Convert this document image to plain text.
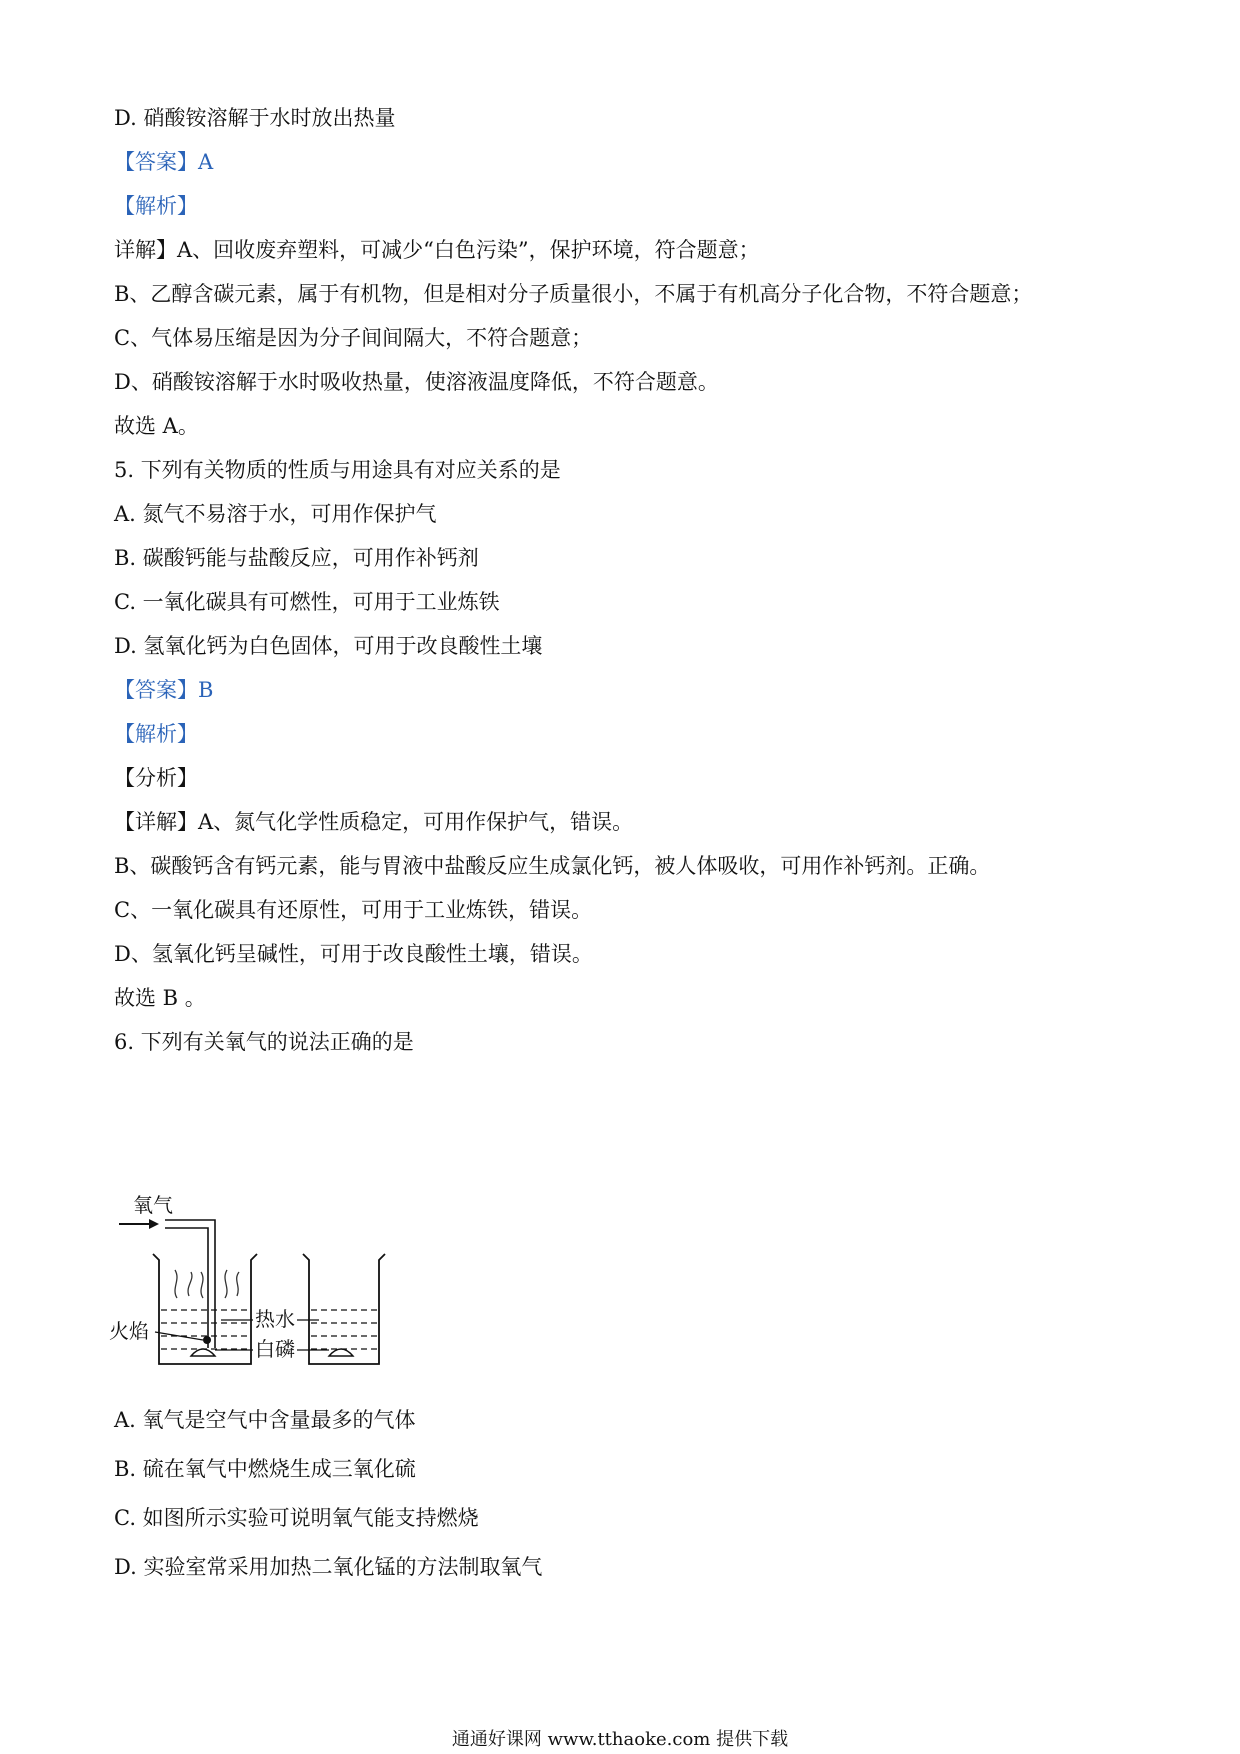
D. 硝酸铵溶解于水时放出热量
【答案】A
【解析】
详解】A、回收废弃塑料，可减少“白色污染”，保护环境，符合题意；
B、乙醇含碳元素，属于有机物，但是相对分子质量很小，不属于有机高分子化合物，不符合题意；
C、气体易压缩是因为分子间间隔大，不符合题意；
D、硝酸铵溶解于水时吸收热量，使溶液温度降低，不符合题意。
故选 A。
5. 下列有关物质的性质与用途具有对应关系的是
A. 氮气不易溶于水，可用作保护气
B. 碳酸钙能与盐酸反应，可用作补钙剂
C. 一氧化碳具有可燃性，可用于工业炼铁
D. 氢氧化钙为白色固体，可用于改良酸性土壤
【答案】B
【解析】
【分析】
【详解】A、氮气化学性质稳定，可用作保护气，错误。
B、碳酸钙含有钙元素，能与胃液中盐酸反应生成氯化钙，被人体吸收，可用作补钙剂。正确。
C、一氧化碳具有还原性，可用于工业炼铁，错误。
D、氢氧化钙呈碱性，可用于改良酸性土壤，错误。
故选 B 。
6. 下列有关氧气的说法正确的是
氧气
火焰	热水
白磷
A. 氧气是空气中含量最多的气体
B. 硫在氧气中燃烧生成三氧化硫
C. 如图所示实验可说明氧气能支持燃烧
D. 实验室常采用加热二氧化锰的方法制取氧气
通通好课网 www.tthaoke.com 提供下载
